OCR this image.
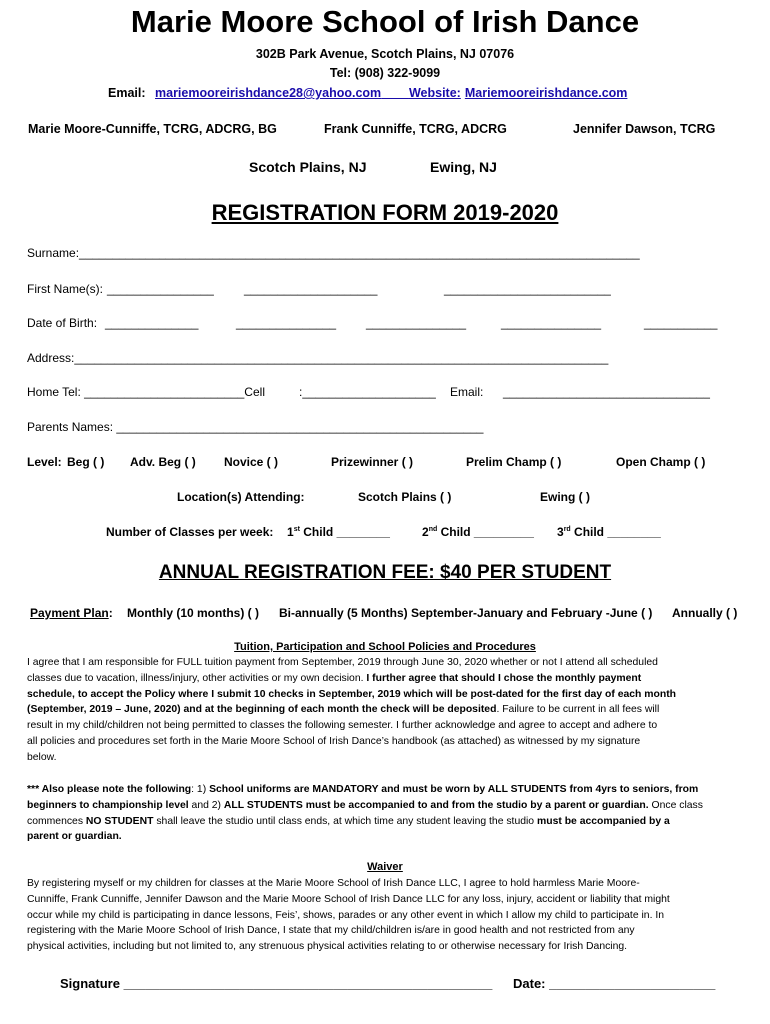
Marie Moore School of Irish Dance
302B Park Avenue, Scotch Plains, NJ 07076
Tel: (908) 322-9099
Email: mariemooreirishdance28@yahoo.com Website: Mariemooreirishdance.com
Marie Moore-Cunniffe, TCRG, ADCRG, BG	Frank Cunniffe, TCRG, ADCRG	Jennifer Dawson, TCRG
Scotch Plains, NJ	Ewing, NJ
REGISTRATION FORM 2019-2020
Surname:____________________________________________________________________________________
First Name(s): ________________	____________________	_________________________
Date of Birth: ______________	_______________ _______________	_______________	___________
Address:________________________________________________________________________________
Home Tel: ________________________Cell	:____________________ Email: _______________________________
Parents Names: _______________________________________________________
Level: Beg ( ) Adv. Beg ( ) Novice ( )	Prizewinner ( )	Prelim Champ ( )	Open Champ ( )
Location(s) Attending:	Scotch Plains ( )	Ewing ( )
Number of Classes per week: 1st Child ________	2nd Child _________ 3rd Child ________
ANNUAL REGISTRATION FEE: $40 PER STUDENT
Payment Plan: Monthly (10 months) ( ) Bi-annually (5 Months) September-January and February -June ( ) Annually ( )
Tuition, Participation and School Policies and Procedures
I agree that I am responsible for FULL tuition payment from September, 2019 through June 30, 2020 whether or not I attend all scheduled
classes due to vacation, illness/injury, other activities or my own decision. I further agree that should I chose the monthly payment
schedule, to accept the Policy where I submit 10 checks in September, 2019 which will be post-dated for the first day of each month
(September, 2019 – June, 2020) and at the beginning of each month the check will be deposited. Failure to be current in all fees will
result in my child/children not being permitted to classes the following semester. I further acknowledge and agree to accept and adhere to
all policies and procedures set forth in the Marie Moore School of Irish Dance’s handbook (as attached) as witnessed by my signature
below.
*** Also please note the following: 1) School uniforms are MANDATORY and must be worn by ALL STUDENTS from 4yrs to seniors, from
beginners to championship level and 2) ALL STUDENTS must be accompanied to and from the studio by a parent or guardian. Once class
commences NO STUDENT shall leave the studio until class ends, at which time any student leaving the studio must be accompanied by a
parent or guardian.
Waiver
By registering myself or my children for classes at the Marie Moore School of Irish Dance LLC, I agree to hold harmless Marie Moore-
Cunniffe, Frank Cunniffe, Jennifer Dawson and the Marie Moore School of Irish Dance LLC for any loss, injury, accident or liability that might
occur while my child is participating in dance lessons, Feis’, shows, parades or any other event in which I allow my child to participate in. In
registering with the Marie Moore School of Irish Dance, I state that my child/children is/are in good health and not restricted from any
physical activities, including but not limited to, any strenuous physical activities relating to or otherwise necessary for Irish Dancing.
Signature ___________________________________________________ Date: _______________________
